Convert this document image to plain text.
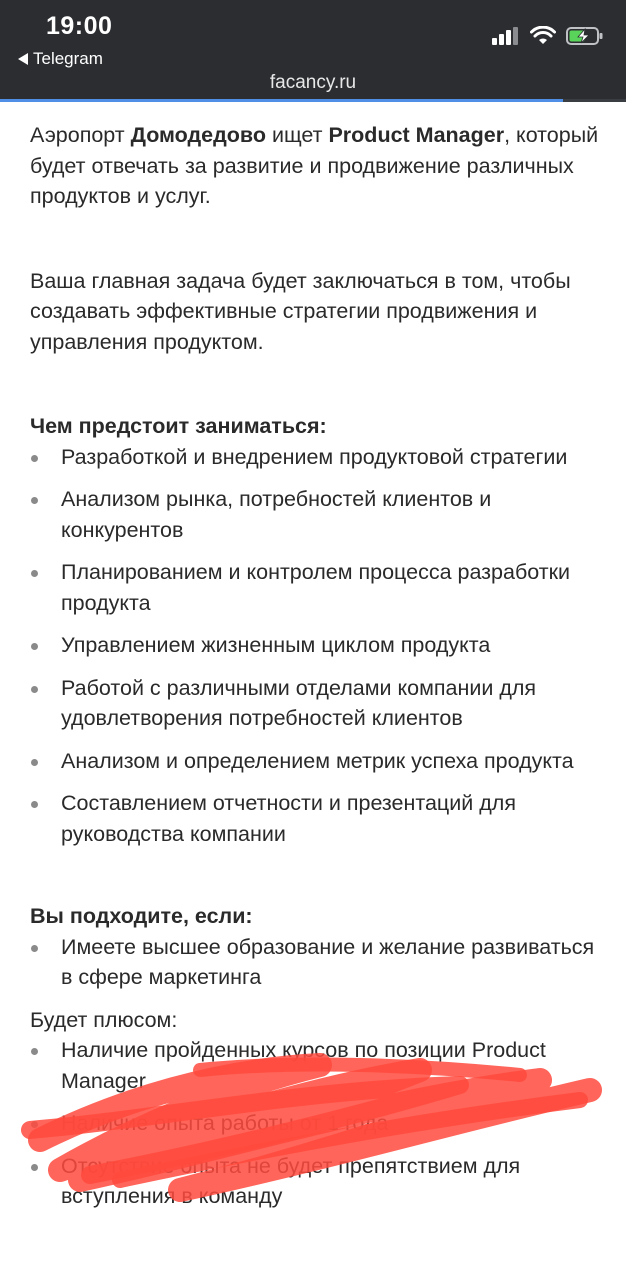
19:00
Telegram
facancy.ru

Аэропорт Домодедово ищет Product Manager, который будет отвечать за развитие и продвижение различных продуктов и услуг.

Ваша главная задача будет заключаться в том, чтобы создавать эффективные стратегии продвижения и управления продуктом.

Чем предстоит заниматься:

Разработкой и внедрением продуктовой стратегии
Анализом рынка, потребностей клиентов и конкурентов
Планированием и контролем процесса разработки продукта
Управлением жизненным циклом продукта
Работой с различными отделами компании для удовлетворения потребностей клиентов
Анализом и определением метрик успеха продукта
Составлением отчетности и презентаций для руководства компании

Вы подходите, если:

Имеете высшее образование и желание развиваться в сфере маркетинга

Будет плюсом:

Наличие пройденных курсов по позиции Product Manager
Наличие опыта работы от 1 года
Отсутствие опыта не будет препятствием для вступления в команду
